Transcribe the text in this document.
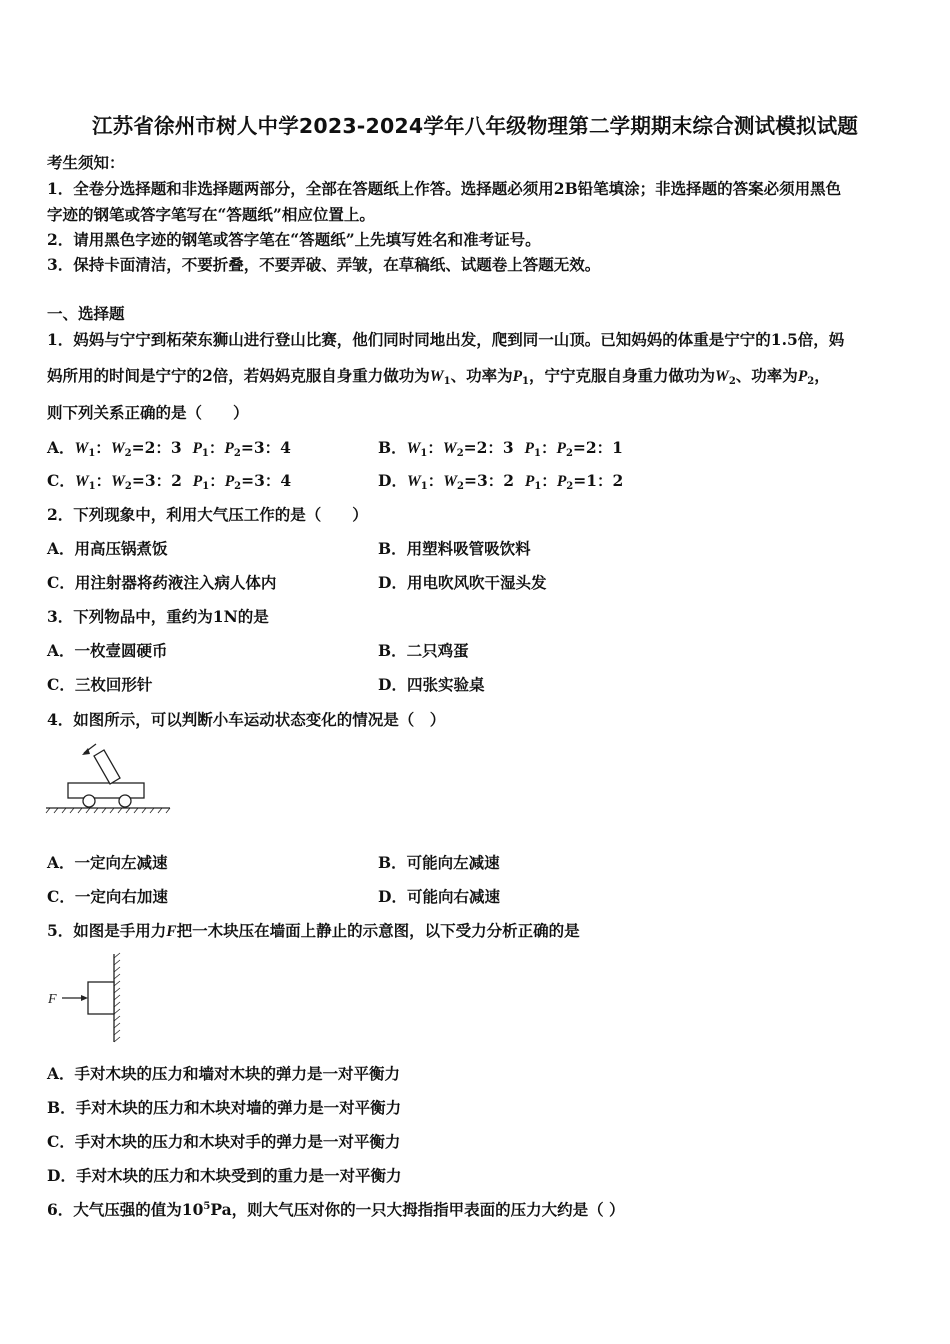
江苏省徐州市树人中学2023-2024学年八年级物理第二学期期末综合测试模拟试题
考生须知：
1．全卷分选择题和非选择题两部分，全部在答题纸上作答。选择题必须用2B铅笔填涂；非选择题的答案必须用黑色
字迹的钢笔或答字笔写在“答题纸”相应位置上。
2．请用黑色字迹的钢笔或答字笔在“答题纸”上先填写姓名和准考证号。
3．保持卡面清洁，不要折叠，不要弄破、弄皱，在草稿纸、试题卷上答题无效。
一、选择题
1．妈妈与宁宁到柘荣东狮山进行登山比赛，他们同时同地出发，爬到同一山顶。已知妈妈的体重是宁宁的1.5倍，妈
妈所用的时间是宁宁的2倍，若妈妈克服自身重力做功为$W_1$、功率为$P_1$，宁宁克服自身重力做功为$W_2$、功率为$P_2$，
则下列关系正确的是（　　）
A．$W_1$：$W_2=2$：3 $P_1$：$P_2=3$：4	B．$W_1$：$W_2=2$：3 $P_1$：$P_2=2$：1
C．$W_1$：$W_2=3$：2 $P_1$：$P_2=3$：4	D．$W_1$：$W_2=3$：2 $P_1$：$P_2=1$：2
2．下列现象中，利用大气压工作的是（　　）
A．用高压锅煮饭	B．用塑料吸管吸饮料
C．用注射器将药液注入病人体内	D．用电吹风吹干湿头发
3．下列物品中，重约为1N的是
A．一枚壹圆硬币	B．二只鸡蛋
C．三枚回形针	D．四张实验桌
4．如图所示，可以判断小车运动状态变化的情况是（　）
A．一定向左减速	B．可能向左减速
C．一定向右加速	D．可能向右减速
5．如图是手用力F把一木块压在墙面上静止的示意图，以下受力分析正确的是
F
A．手对木块的压力和墙对木块的弹力是一对平衡力
B．手对木块的压力和木块对墙的弹力是一对平衡力
C．手对木块的压力和木块对手的弹力是一对平衡力
D．手对木块的压力和木块受到的重力是一对平衡力
6．大气压强的值为$10^5Pa$，则大气压对你的一只大拇指指甲表面的压力大约是（ ）
